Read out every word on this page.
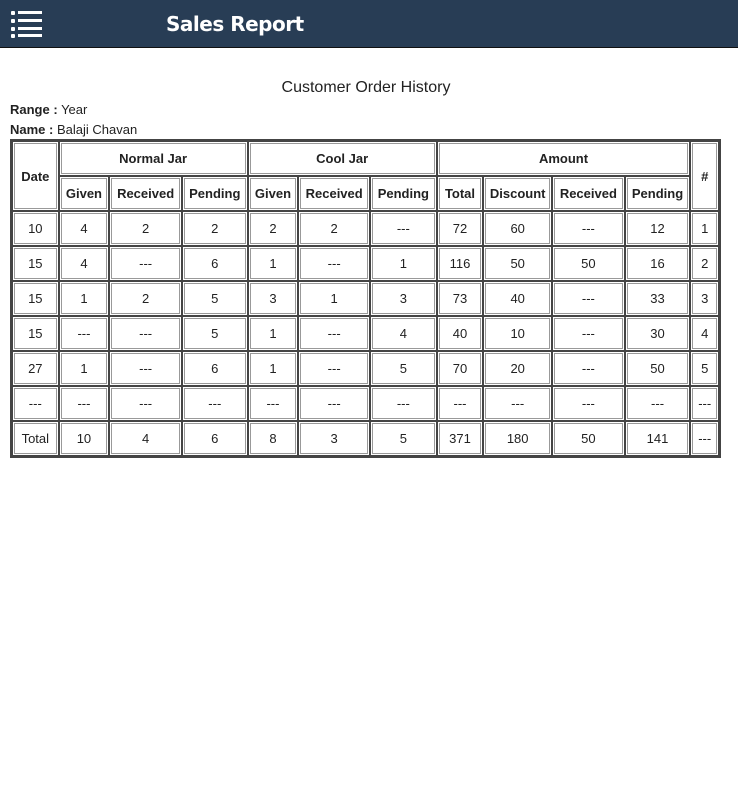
Sales Report
Customer Order History
Range : Year
Name : Balaji Chavan
Date	Normal Jar			Cool Jar			Amount				#
	Given	Received	Pending	Given	Received	Pending	Total	Discount	Received	Pending	
10	4	2	2	2	2	---	72	60	---	12	1
15	4	---	6	1	---	1	116	50	50	16	2
15	1	2	5	3	1	3	73	40	---	33	3
15	---	---	5	1	---	4	40	10	---	30	4
27	1	---	6	1	---	5	70	20	---	50	5
---	---	---	---	---	---	---	---	---	---	---	---
Total	10	4	6	8	3	5	371	180	50	141	---
